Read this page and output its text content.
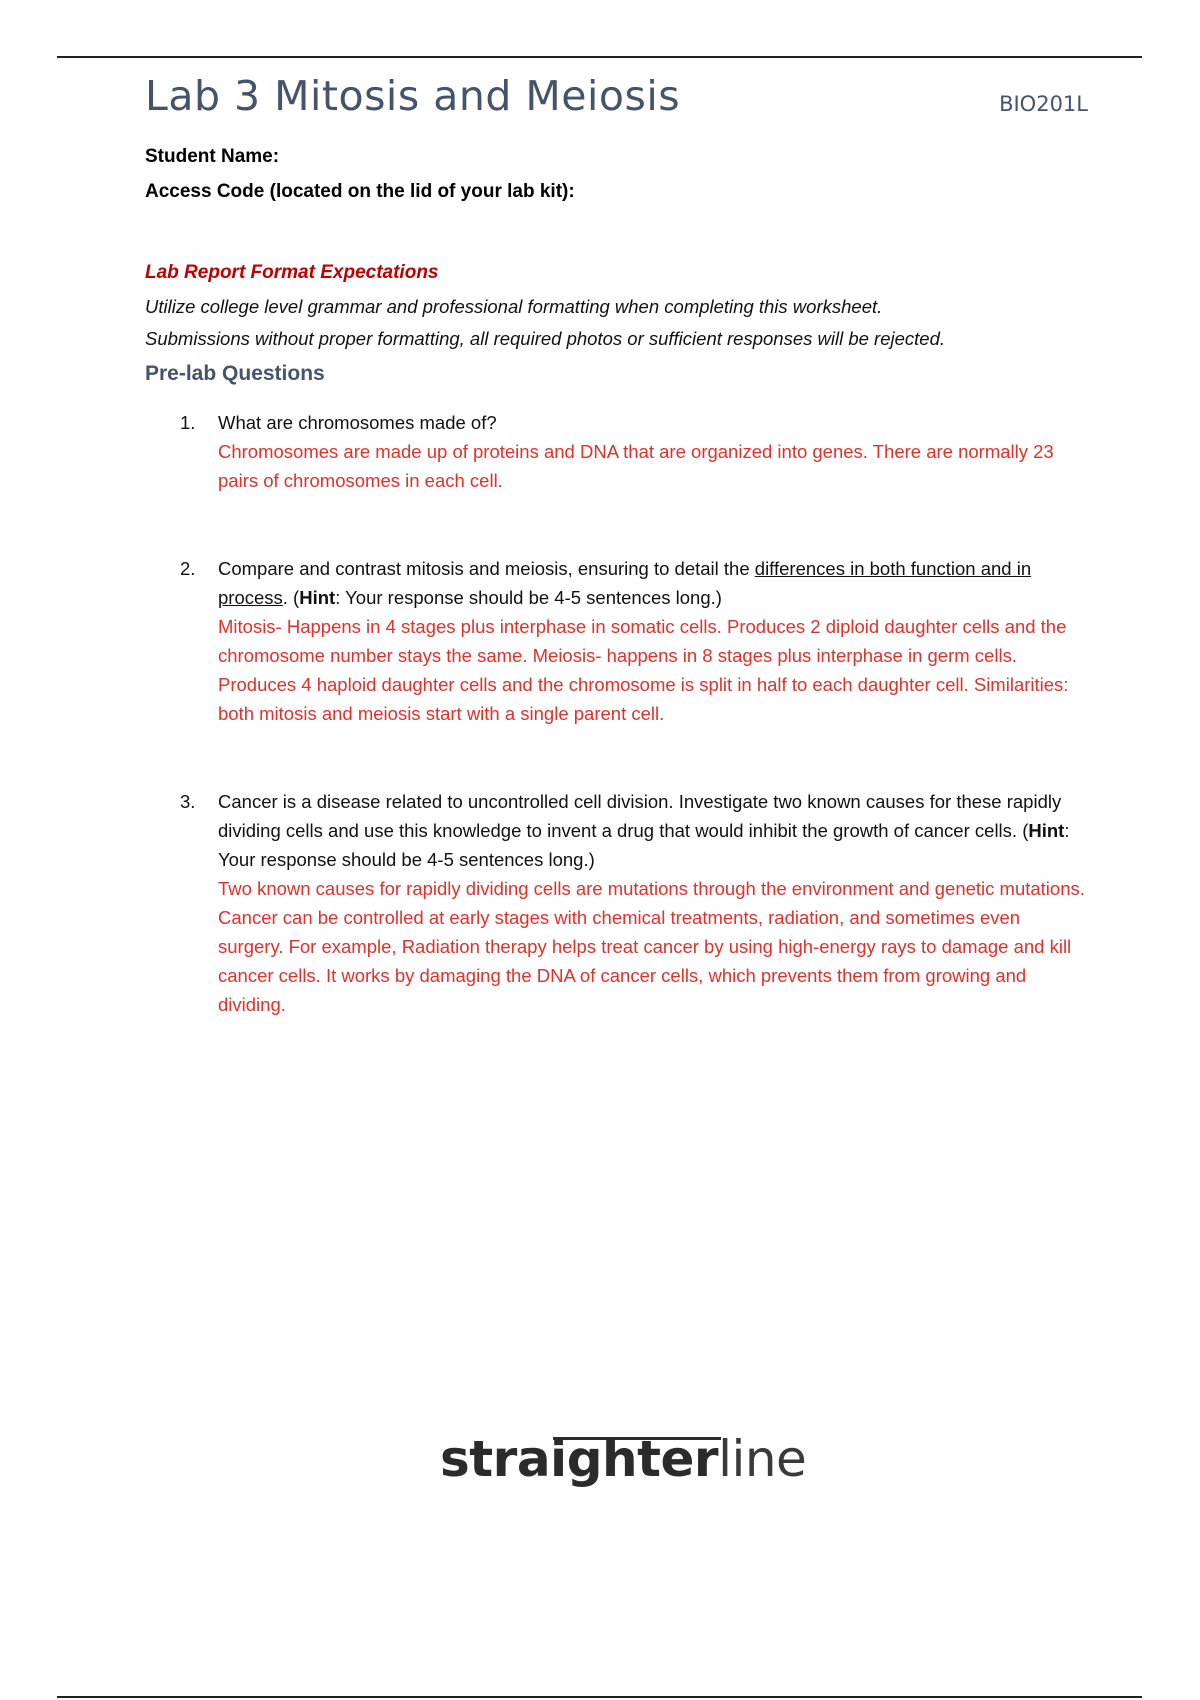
Lab 3 Mitosis and Meiosis	BIO201L
Student Name:
Access Code (located on the lid of your lab kit):
Lab Report Format Expectations
Utilize college level grammar and professional formatting when completing this worksheet.
Submissions without proper formatting, all required photos or sufficient responses will be rejected.
Pre-lab Questions
1. What are chromosomes made of?
Chromosomes are made up of proteins and DNA that are organized into genes. There are normally 23 pairs of chromosomes in each cell.
2. Compare and contrast mitosis and meiosis, ensuring to detail the differences in both function and in process. (Hint: Your response should be 4-5 sentences long.)
Mitosis- Happens in 4 stages plus interphase in somatic cells. Produces 2 diploid daughter cells and the chromosome number stays the same. Meiosis- happens in 8 stages plus interphase in germ cells. Produces 4 haploid daughter cells and the chromosome is split in half to each daughter cell. Similarities: both mitosis and meiosis start with a single parent cell.
3. Cancer is a disease related to uncontrolled cell division. Investigate two known causes for these rapidly dividing cells and use this knowledge to invent a drug that would inhibit the growth of cancer cells. (Hint: Your response should be 4-5 sentences long.)
Two known causes for rapidly dividing cells are mutations through the environment and genetic mutations. Cancer can be controlled at early stages with chemical treatments, radiation, and sometimes even surgery. For example, Radiation therapy helps treat cancer by using high-energy rays to damage and kill cancer cells. It works by damaging the DNA of cancer cells, which prevents them from growing and dividing.
straighterline
